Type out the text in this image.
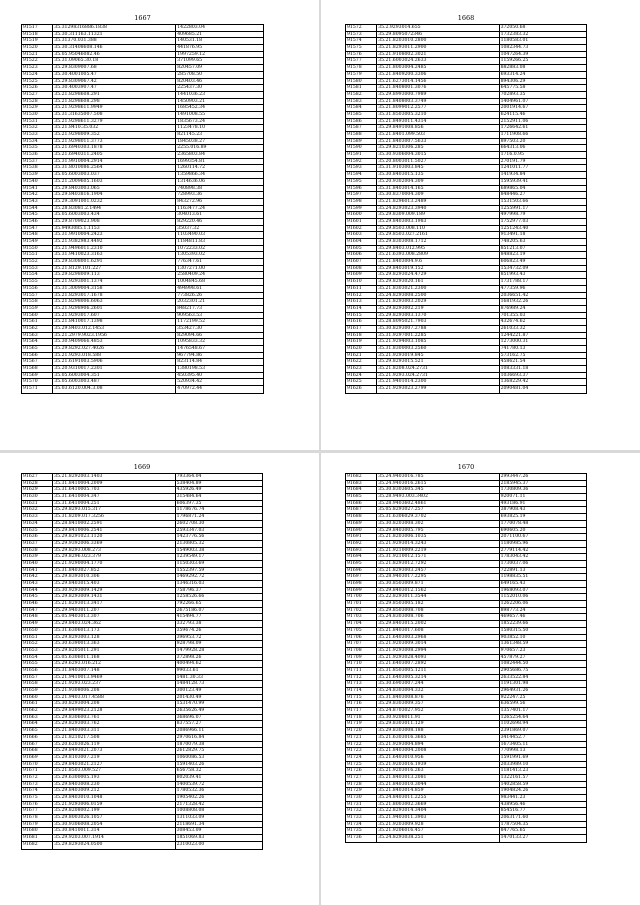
1667
91517	35.31298316886.1838	1422803.04
91518	35.30.311163.11321	409685.21
91519	35.31370.031.388	140531.18
91520	35.30.31408608.146	441876.95
91521	35.05.95046082.46	1997259.12
91522	35.31.09065.30.18	371099.65
91523	35.29.8309007.68	820457.09
91524	35.30.4001005.47	285708.50
91525	35.29.8309067.42	820403.46
91526	35.30.4003907.47	225437.30
91527	35.21.8298608.291	1441036.23
91528	35.21.8298608.298	1450903.21
91529	35.21.9298611.9949	1685452.34
91530	35.31.31635007.508	1491008.55
91531	35.21.9298611.3279	1835673.24
91532	35.21.8410.35.032	1123478.10
91533	35.21.9298009.352	821145.23
91534	35.21.9298011.3773	1845038.27
91535	35.21.6940303.1878	2255.016.89
91536	35.21.6940311.2405	2365803.84
91537	35.31.9910004.2914	1699354.81
91538	35.31.8010086.2564	1260114.72
91539	35.05.6003003.037	1359866.34
91540	35.21.2009605.1603	1314636.06
91541	35.29.8403003.065	740898.38
91542	35.29.8403816.1904	728993.36
91543	35.29.3091001.0232	843272.96
91544	35.28.83081.2.1494	1163477.24
91545	35.05.6003003.434	304013.61
91546	35.29.8709023.908	829220.46
91547	35.9493085.1.1153	35037.32
91548	35.31.9910004.2423	1103490.03
91549	35.21.9382983.4492	1184811.83
91550	35.21.9496011.2310	1072233.02
91551	35.31.9410023.3163	1305393.02
91552	35.29.8308001.6291	776347.61
91553	35.21.8129.101.227	1307271.00
91554	35.29.8298009.113	2580409.24
91555	35.21.9293001.1374	1004845.68
91556	35.31.3009004.3158	494998.61
91557	35.21.8293017.1678	773826.26
91558	35.21.8298006.6063	2032301.21
91559	35.21.9298906.2601	848217.73
91560	35.21.9293017.607	909563.53
91561	35.21.8410017.1398	1172199.52
91562	35.29.8403.012.1453	353427.30
91563	35.21.2979.9023.1956	829094.66
91564	35.30.9409066.4853	1095833.32
91565	35.29.8292.027.4026	1476548.67
91566	35.21.9293.018.588	967794.86
91567	35.21.6191003.5906	823114.84
91568	35.20.9310017.2301	1380198.53
91569	35.05.6003004.351	450395.40
91570	35.05.6003003.487	520934.42
91571	35.03.6120.004.3.08	470972.44
1668
91572	35.2.9293014.655	372050.68
91573	35.29.8095072346	1732383.32
91574	35.21.8203010.2800	1180583.01
91575	35.21.8293011.2900	1082344.73
91576	35.21.9108002.3021	1047264.39
91577	35.21.6003024.2633	1159266.25
91578	35.21.8003004.2485	882883.08
91579	35.21.8409200.3306	693314.24
91580	35.21.6273014.1456	894306.29
91581	35.21.8408001.3076	645775.58
91582	35.29.8993000.7989	702893.35
91583	35.21.8408003.3749	1404961.07
91584	35.21.8099012.2577	2001914.67
91585	35.31.8503005.3210	624115.46
91586	35.21.8493011.4314	2152911.06
91587	35.29.8491008.856	1726642.61
91588	35.21.8401.099.503	1711908.66
91589	35.21.8403007.5633	897503.20
91590	35.29.8210306.285	664313.06
91591	35.30.9306004.3015	1716.0.95
91592	35.20.8003011.5027	270191.79
91593	35.31.9103003.845	1241011.77
91594	35.30.8403015.135	141934.84
91595	35.20.9302004.309	1595939.41
91596	35.31.8403014.165	689865.04
91597	35.30.8370004.309	848446.27
91598	35.21.8296013.2489	1531503.66
91599	35.24.8293023.3940	1255991.17
91600	35.29.8309.009.189	497998.79
91601	35.29.8403003.1983	1752977.03
91602	35.29.8503.008.110	1251243.40
91603	35.29.8503.027.2161	913491.18
91604	35.29.8303008.1712	748205.63
91605	35.29.8403.012.995	851213.07
91606	35.21.6393.008.2809	848823.19
91607	35.21.8403004.9.6	606823.49
91608	35.29.8403019.152	1534732.09
91609	35.29.8293024.4729	851993.43
91610	35.29.8293020.161	1731788.17
91611	35.21.8303021.2300	477359.96
91612	35.24.8293008.2500	2036651.42
91613	35.21.8293003.2029	1681932.26
91614	35.29.8293002.219	876989.24
91615	35.29.8293003.1370	701355.03
91616	35.28.8095021.7903	432674.62
91617	35.30.8293007.2788	261033.32
91618	35.31.9297001.2285	1244221.87
91619	35.21.9294003.1085	1273000.31
91620	35.31.8300003.2560	741780.13
91621	35.21.9293019.845	573162.75
91622	35.29.8293015.521	458621.54
91623	35.21.8208.024.2731	1083331.18
91624	35.21.9293.024.2731	1036693.37
91625	35.21.9401014.2300	1368229.42
91626	35.21.9293023.2799	2090481.04
1669
91627	35.21.8292003.1403	793364.04
91628	35.31.8410004.2009	538404.89
91629	35.31.6410005.703	435926.49
91630	35.31.6410004.347	315484.64
91631	35.31.6410004.251	606397.35
91632	35.29.8293.015.317	1178676.74
91633	35.31.8209.017.3256	1796871.24
91634	35.28.8410002.2591	2602708.30
91635	35.29.8410006.2541	2593347.03
91636	35.29.8291023.1120	1423776.56
91637	35.29.9392006.3369	2130805.32
91638	35.29.8293.008.273	1549003.38
91639	35.29.8296.023.379	1239549.17
91640	35.21.9290004.1770	1150303.69
91641	35.31.8403027.852	1552397.59
91642	35.29.8393010.306	1469292.72
91643	35.29.8403015.403	1346316.03
91644	35.30.9293009.1429	758796.37
91645	35.29.8293009.1431	1258526.66
91646	35.21.8293013.3417	792266.65
91647	35.29.9403011.207	2675186.07
91648	35.05.9403013.307	415494.77
91649	35.29.8403.024.362	332793.38
91650	35.31.6306013.173	359674.26
91651	35.29.8293003.128	396953.72
91652	35.30.6390013.363	928798.09
91653	35.29.8205011.291	1479928.28
91654	35.05.6306011.168	372898.26
91655	35.29.6293.016.212	400494.62
91656	35.31.8403007.148	99033.61
91657	35.21.9410013.9469	1481.30.33
91658	35.21.9293.023.237	1484128.73
91659	35.21.9308006.208	300123.49
91660	35.21.9403.017.4588	201430.49
91661	35.30.8293004.208	1531470.99
91662	35.29.8499023.2128	2635626.49
91663	35.29.8306003.761	368696.07
91664	35.29.8293003.762	837557.27
91665	35.21.8403003.311	2086966.11
91666	35.21.8210217.508	2970616.84
91667	35.20.6203026.119	1870079.38
91668	35.29.8493021.2073	2612829.75
91669	35.29.8103007.219	1060086.53
91670	35.29.8403021.2127	1591403.26
91671	35.21.8503.009.527	656758.32
91672	35.29.6300005.193	802039.41
91673	35.29.8403008.230	1400539.72
91674	35.29.8403009.212	1780532.36
91675	35.29.8403010.1048	1905402.26
91676	35.21.9293006.0159	2171328.42
91677	35.29.8208002.199	1008808.08
91678	35.29.8003026.1057	1311033.09
91679	35.30.9306008.2054	2118691.34
91680	35.30.8410011.314	308453.09
91681	35.29.9203.007.1914	1851069.83
91682	35.29.8293024.0500	2310023.00
1670
91682	35.24.9403016.785	2993447.26
91683	35.24.9403016.2615	2185945.37
91684	35.30.8303605.345	1730809.36
91685	35.28.9493.003.3402	920071.11
91686	35.28.9403602.4861	493186.91
91687	35.05.8293027.257	387908.43
91688	35.31.6306029.3702	693825.19
91689	35.30.8203008.302	1770078.48
91690	35.29.8403005.795	690605.20
91691	35.21.8203006.1035	2071100.67
91692	35.21.9293014.3243	1180985.96
91693	35.21.9210009.2219	2779114.42
91694	35.31.9210012.1571	1783043.42
91695	35.21.8293012.7292	1730037.06
91696	35.21.8293003.2457	722891.13
91697	35.28.9403017.2295	1198835.51
91698	35.30.8503009.871	649165.43
91699	35.29.8403012.1562	1968093.07
91700	35.22.8293011.3544	1152010.06
91701	35.29.8503005.182	1262206.06
91702	35.29.8503008.708	898773.24
91703	35.24.8303008.706	469657.46
91704	35.29.8403015.2002	1852239.66
91705	35.21.8403017.608	1580315.50
91706	35.21.6403003.2968	903852.10
91707	35.21.9203009.3014	1361348.59
91708	35.21.9293008.2994	970657.23
91709	35.21.9293028.4093	457879.27
91710	35.21.6403007.2892	1082444.50
91711	35.31.8503005.1211	2905686.75
91712	35.21.6403005.3214	2633522.84
91713	35.30.6903007.244	1191301.98
91714	35.24.8303004.332	2964931.26
91715	35.31.8403008.876	922247.25
91716	35.29.8303009.357	636599.56
91717	35.24.8703027.952	1357401.17
91718	35.30.9208011.91	1265254.64
91719	35.29.8303011.129	1102698.94
91720	35.29.8303008.188	2391869.07
91721	35.21.6303016.3685	3414452.7
91722	35.21.9293004.894	1673405.11
91723	35.21.8403004.2008	770998.13
91724	35.21.6403010.956	1591991.69
91725	35.21.9203016.1939	2033989.10
91726	35.21.9203016.263	1181413.23
91727	35.21.8403013.2081	1322161.57
91728	35.21.8403010.3044	1402858.59
91729	35.21.8403014.859	1904824.26
91730	35.24.8403011.2255	983441.23
91731	35.21.8003002.3669	438956.46
91732	35.22.8293014.3404	854516.77
91733	35.21.9403011.3903	2063171.60
91734	35.21.9203009.928	1787504.35
91735	35.21.9206016.457	847765.65
91736	35.24.8293038.251	1470133.27
